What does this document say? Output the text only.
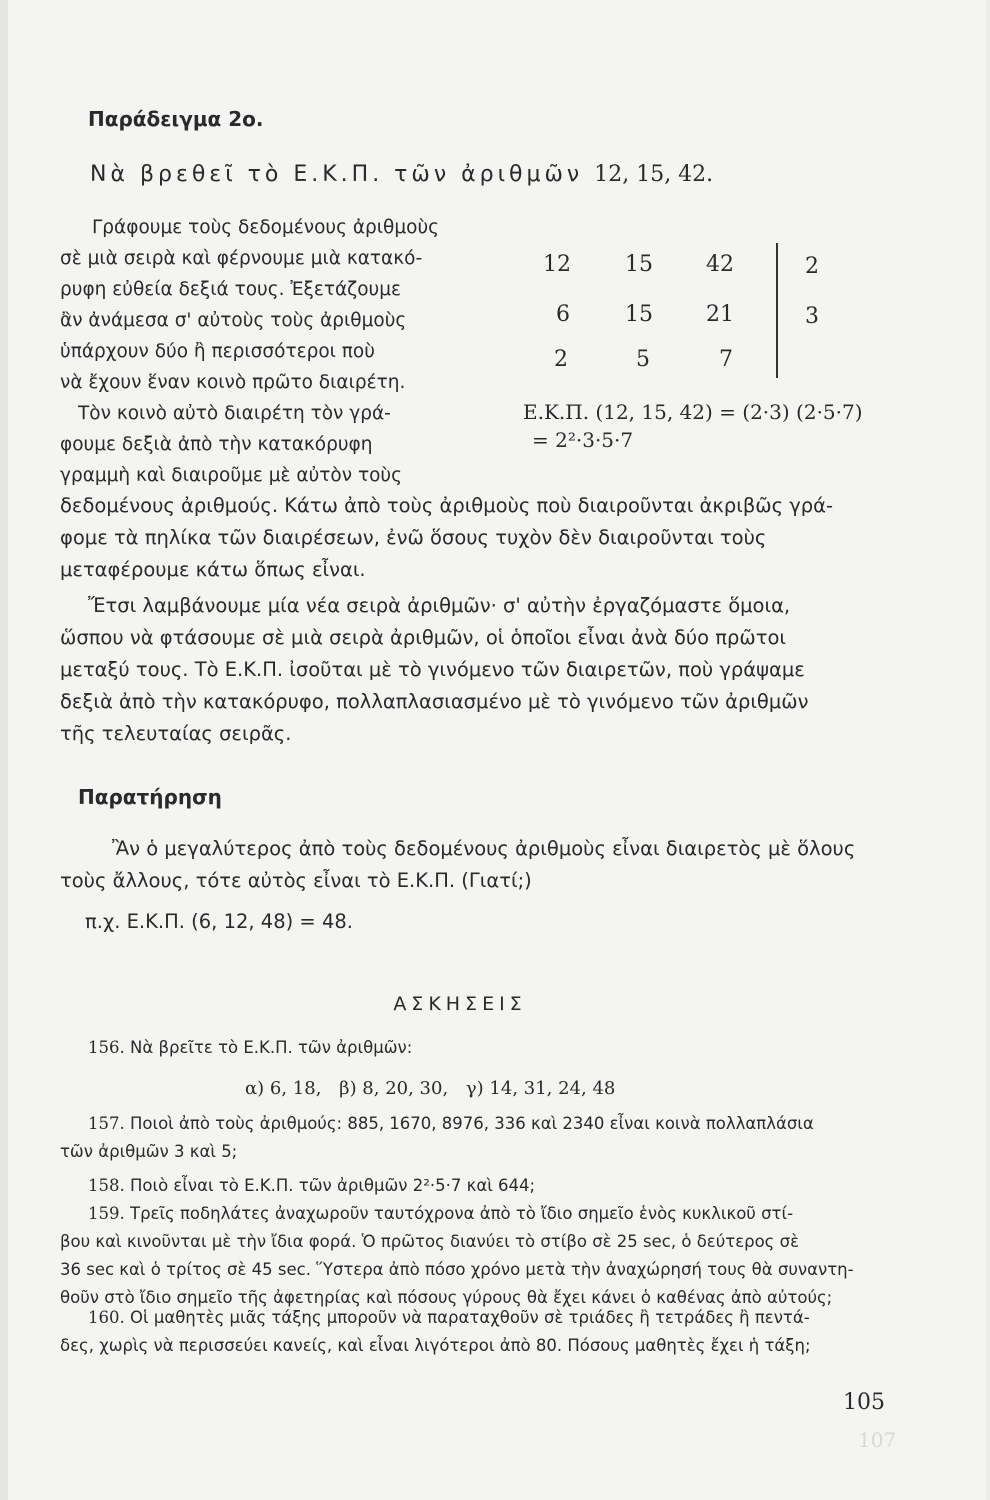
Παράδειγμα 2ο.
Νὰ βρεθεῖ τὸ Ε.Κ.Π. τῶν ἀριθμῶν 12, 15, 42.
Γράφουμε τοὺς δεδομένους ἀριθμοὺς
σὲ μιὰ σειρὰ καὶ φέρνουμε μιὰ κατακό-
ρυφη εὐθεία δεξιά τους. Ἐξετάζουμε
ἂν ἀνάμεσα σ' αὐτοὺς τοὺς ἀριθμοὺς
ὑπάρχουν δύο ἢ περισσότεροι ποὺ
νὰ ἔχουν ἕναν κοινὸ πρῶτο διαιρέτη.
Τὸν κοινὸ αὐτὸ διαιρέτη τὸν γρά-
φουμε δεξιὰ ἀπὸ τὴν κατακόρυφη
γραμμὴ καὶ διαιροῦμε μὲ αὐτὸν τοὺς
12	15	42	2
6	15	21	3
2	5	7
Ε.Κ.Π. (12, 15, 42) = (2·3) (2·5·7)
= 2²·3·5·7
δεδομένους ἀριθμούς. Κάτω ἀπὸ τοὺς ἀριθμοὺς ποὺ διαιροῦνται ἀκριβῶς γρά-
φομε τὰ πηλίκα τῶν διαιρέσεων, ἐνῶ ὅσους τυχὸν δὲν διαιροῦνται τοὺς
μεταφέρουμε κάτω ὅπως εἶναι.
Ἔτσι λαμβάνουμε μία νέα σειρὰ ἀριθμῶν· σ' αὐτὴν ἐργαζόμαστε ὅμοια,
ὥσπου νὰ φτάσουμε σὲ μιὰ σειρὰ ἀριθμῶν, οἱ ὁποῖοι εἶναι ἀνὰ δύο πρῶτοι
μεταξύ τους. Τὸ Ε.Κ.Π. ἰσοῦται μὲ τὸ γινόμενο τῶν διαιρετῶν, ποὺ γράψαμε
δεξιὰ ἀπὸ τὴν κατακόρυφο, πολλαπλασιασμένο μὲ τὸ γινόμενο τῶν ἀριθμῶν
τῆς τελευταίας σειρᾶς.
Παρατήρηση
Ἂν ὁ μεγαλύτερος ἀπὸ τοὺς δεδομένους ἀριθμοὺς εἶναι διαιρετὸς μὲ ὅλους
τοὺς ἄλλους, τότε αὐτὸς εἶναι τὸ Ε.Κ.Π. (Γιατί;)
π.χ. Ε.Κ.Π. (6, 12, 48) = 48.
ΑΣΚΗΣΕΙΣ
156. Νὰ βρεῖτε τὸ Ε.Κ.Π. τῶν ἀριθμῶν:
α) 6, 18, β) 8, 20, 30, γ) 14, 31, 24, 48
157. Ποιοὶ ἀπὸ τοὺς ἀριθμούς: 885, 1670, 8976, 336 καὶ 2340 εἶναι κοινὰ πολλαπλάσια
τῶν ἀριθμῶν 3 καὶ 5;
158. Ποιὸ εἶναι τὸ Ε.Κ.Π. τῶν ἀριθμῶν 2²·5·7 καὶ 644;
159. Τρεῖς ποδηλάτες ἀναχωροῦν ταυτόχρονα ἀπὸ τὸ ἴδιο σημεῖο ἑνὸς κυκλικοῦ στί-
βου καὶ κινοῦνται μὲ τὴν ἴδια φορά. Ὁ πρῶτος διανύει τὸ στίβο σὲ 25 sec, ὁ δεύτερος σὲ
36 sec καὶ ὁ τρίτος σὲ 45 sec. Ὕστερα ἀπὸ πόσο χρόνο μετὰ τὴν ἀναχώρησή τους θὰ συναντη-
θοῦν στὸ ἴδιο σημεῖο τῆς ἀφετηρίας καὶ πόσους γύρους θὰ ἔχει κάνει ὁ καθένας ἀπὸ αὐτούς;
160. Οἱ μαθητὲς μιᾶς τάξης μποροῦν νὰ παραταχθοῦν σὲ τριάδες ἢ τετράδες ἢ πεντά-
δες, χωρὶς νὰ περισσεύει κανείς, καὶ εἶναι λιγότεροι ἀπὸ 80. Πόσους μαθητὲς ἔχει ἡ τάξη;
105
107
